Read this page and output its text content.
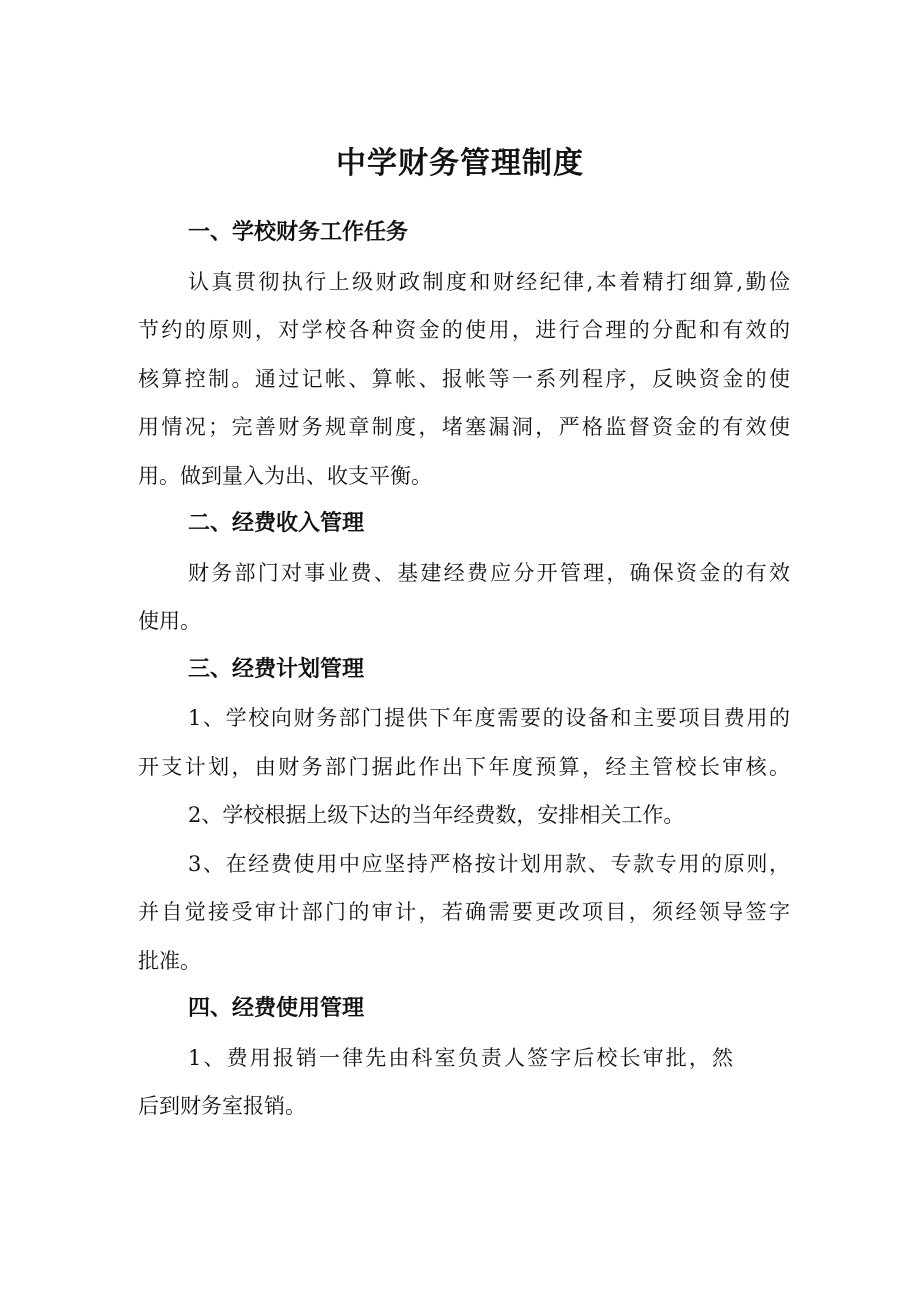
中学财务管理制度
一、学校财务工作任务

认真贯彻执行上级财政制度和财经纪律,本着精打细算,勤俭

节约的原则，对学校各种资金的使用，进行合理的分配和有效的

核算控制。通过记帐、算帐、报帐等一系列程序，反映资金的使

用情况；完善财务规章制度，堵塞漏洞，严格监督资金的有效使

用。做到量入为出、收支平衡。

二、经费收入管理

财务部门对事业费、基建经费应分开管理，确保资金的有效

使用。

三、经费计划管理

1、学校向财务部门提供下年度需要的设备和主要项目费用的

开支计划，由财务部门据此作出下年度预算，经主管校长审核。

2、学校根据上级下达的当年经费数，安排相关工作。

3、在经费使用中应坚持严格按计划用款、专款专用的原则，

并自觉接受审计部门的审计，若确需要更改项目，须经领导签字

批准。

四、经费使用管理

1、费用报销一律先由科室负责人签字后校长审批，然

后到财务室报销。
